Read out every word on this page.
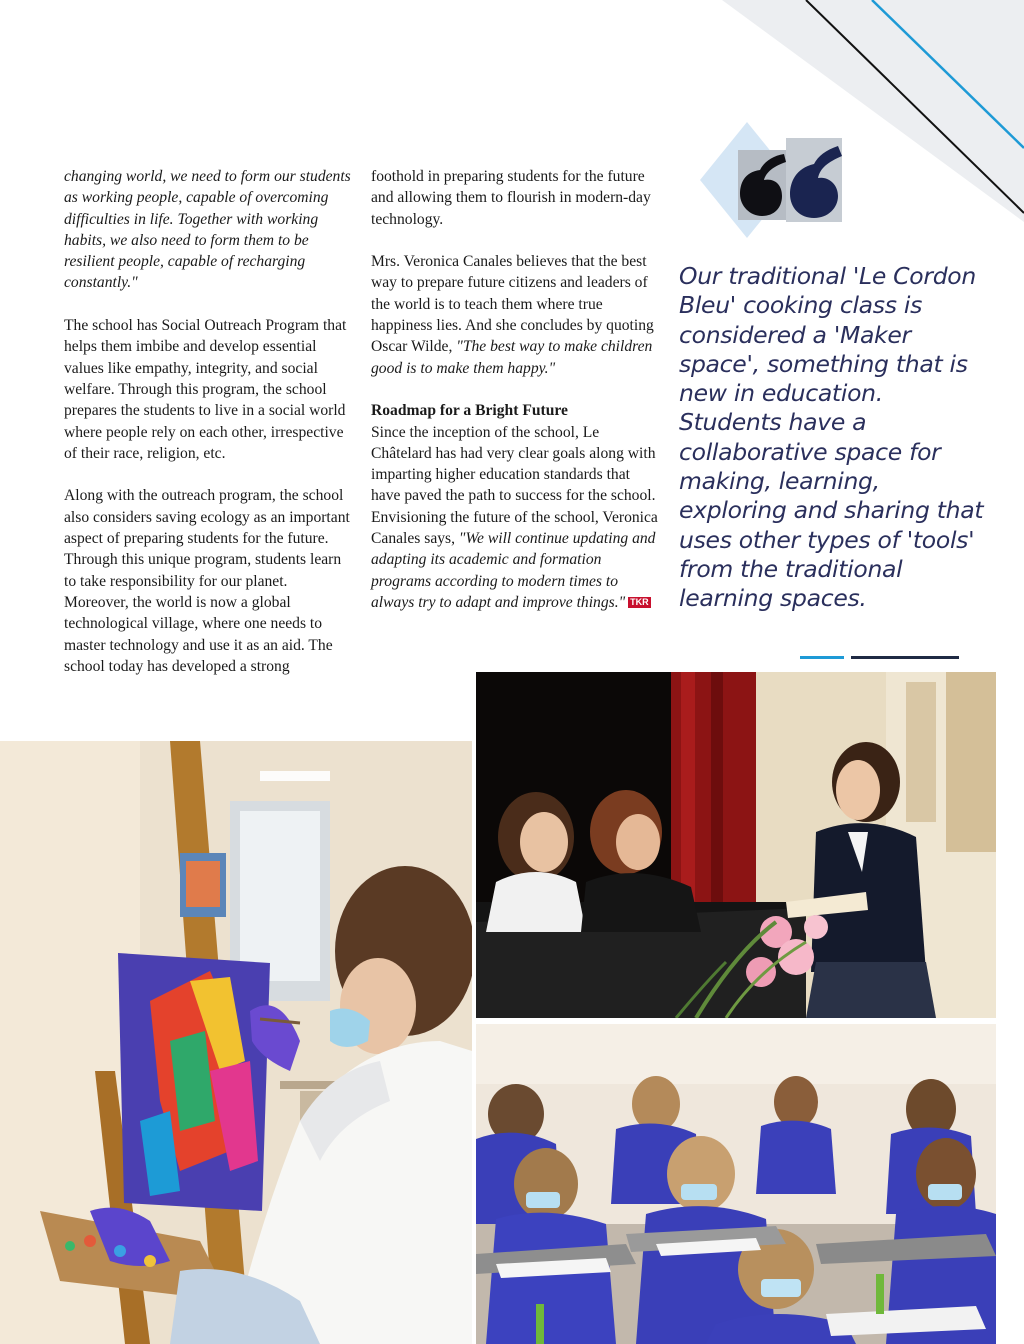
changing world, we need to form our students as working people, capable of overcoming difficulties in life. Together with working habits, we also need to form them to be resilient people, capable of recharging constantly."

The school has Social Outreach Program that helps them imbibe and develop essential values like empathy, integrity, and social welfare. Through this program, the school prepares the students to live in a social world where people rely on each other, irrespective of their race, religion, etc.

Along with the outreach program, the school also considers saving ecology as an important aspect of preparing students for the future. Through this unique program, students learn to take responsibility for our planet. Moreover, the world is now a global technological village, where one needs to master technology and use it as an aid. The school today has developed a strong

foothold in preparing students for the future and allowing them to flourish in modern-day technology.

Mrs. Veronica Canales believes that the best way to prepare future citizens and leaders of the world is to teach them where true happiness lies. And she concludes by quoting Oscar Wilde, "The best way to make children good is to make them happy."

Roadmap for a Bright Future
Since the inception of the school, Le Châtelard has had very clear goals along with imparting higher education standards that have paved the path to success for the school. Envisioning the future of the school, Veronica Canales says, "We will continue updating and adapting its academic and formation programs according to modern times to always try to adapt and improve things." TKR

Our traditional 'Le Cordon Bleu' cooking class is considered a 'Maker space', something that is new in education. Students have a collaborative space for making, learning, exploring and sharing that uses other types of 'tools' from the traditional learning spaces.
